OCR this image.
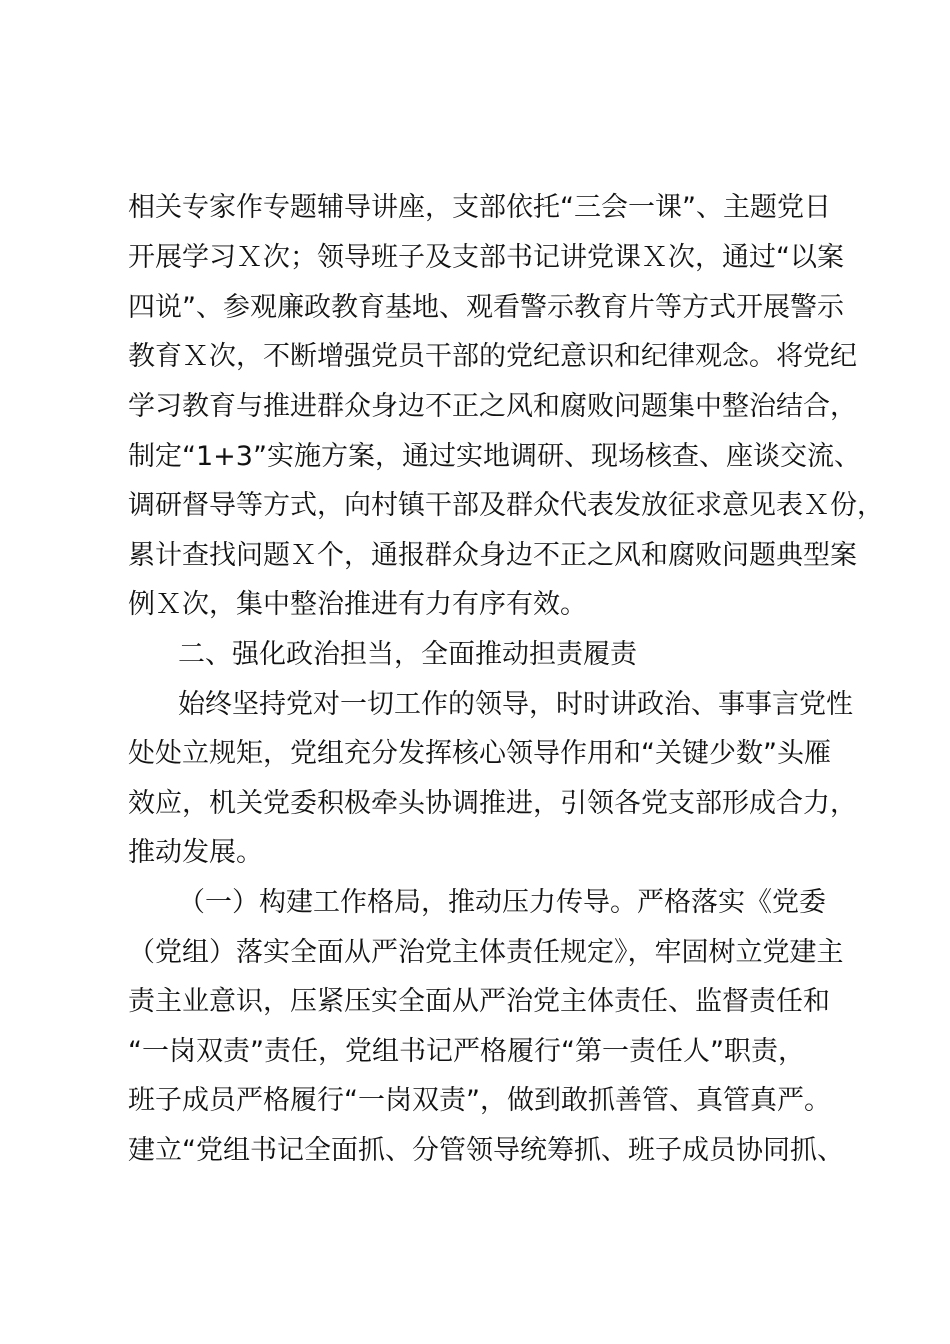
相关专家作专题辅导讲座，支部依托“三会一课”、主题党日
开展学习Ｘ次；领导班子及支部书记讲党课Ｘ次，通过“以案
四说”、参观廉政教育基地、观看警示教育片等方式开展警示
教育Ｘ次，不断增强党员干部的党纪意识和纪律观念。将党纪
学习教育与推进群众身边不正之风和腐败问题集中整治结合，
制定“1+3”实施方案，通过实地调研、现场核查、座谈交流、
调研督导等方式，向村镇干部及群众代表发放征求意见表Ｘ份，
累计查找问题Ｘ个，通报群众身边不正之风和腐败问题典型案
例Ｘ次，集中整治推进有力有序有效。
二、强化政治担当，全面推动担责履责
始终坚持党对一切工作的领导，时时讲政治、事事言党性
处处立规矩，党组充分发挥核心领导作用和“关键少数”头雁
效应，机关党委积极牵头协调推进，引领各党支部形成合力，
推动发展。
（一）构建工作格局，推动压力传导。严格落实《党委
（党组）落实全面从严治党主体责任规定》，牢固树立党建主
责主业意识，压紧压实全面从严治党主体责任、监督责任和
“一岗双责”责任，党组书记严格履行“第一责任人”职责，
班子成员严格履行“一岗双责”，做到敢抓善管、真管真严。
建立“党组书记全面抓、分管领导统筹抓、班子成员协同抓、
